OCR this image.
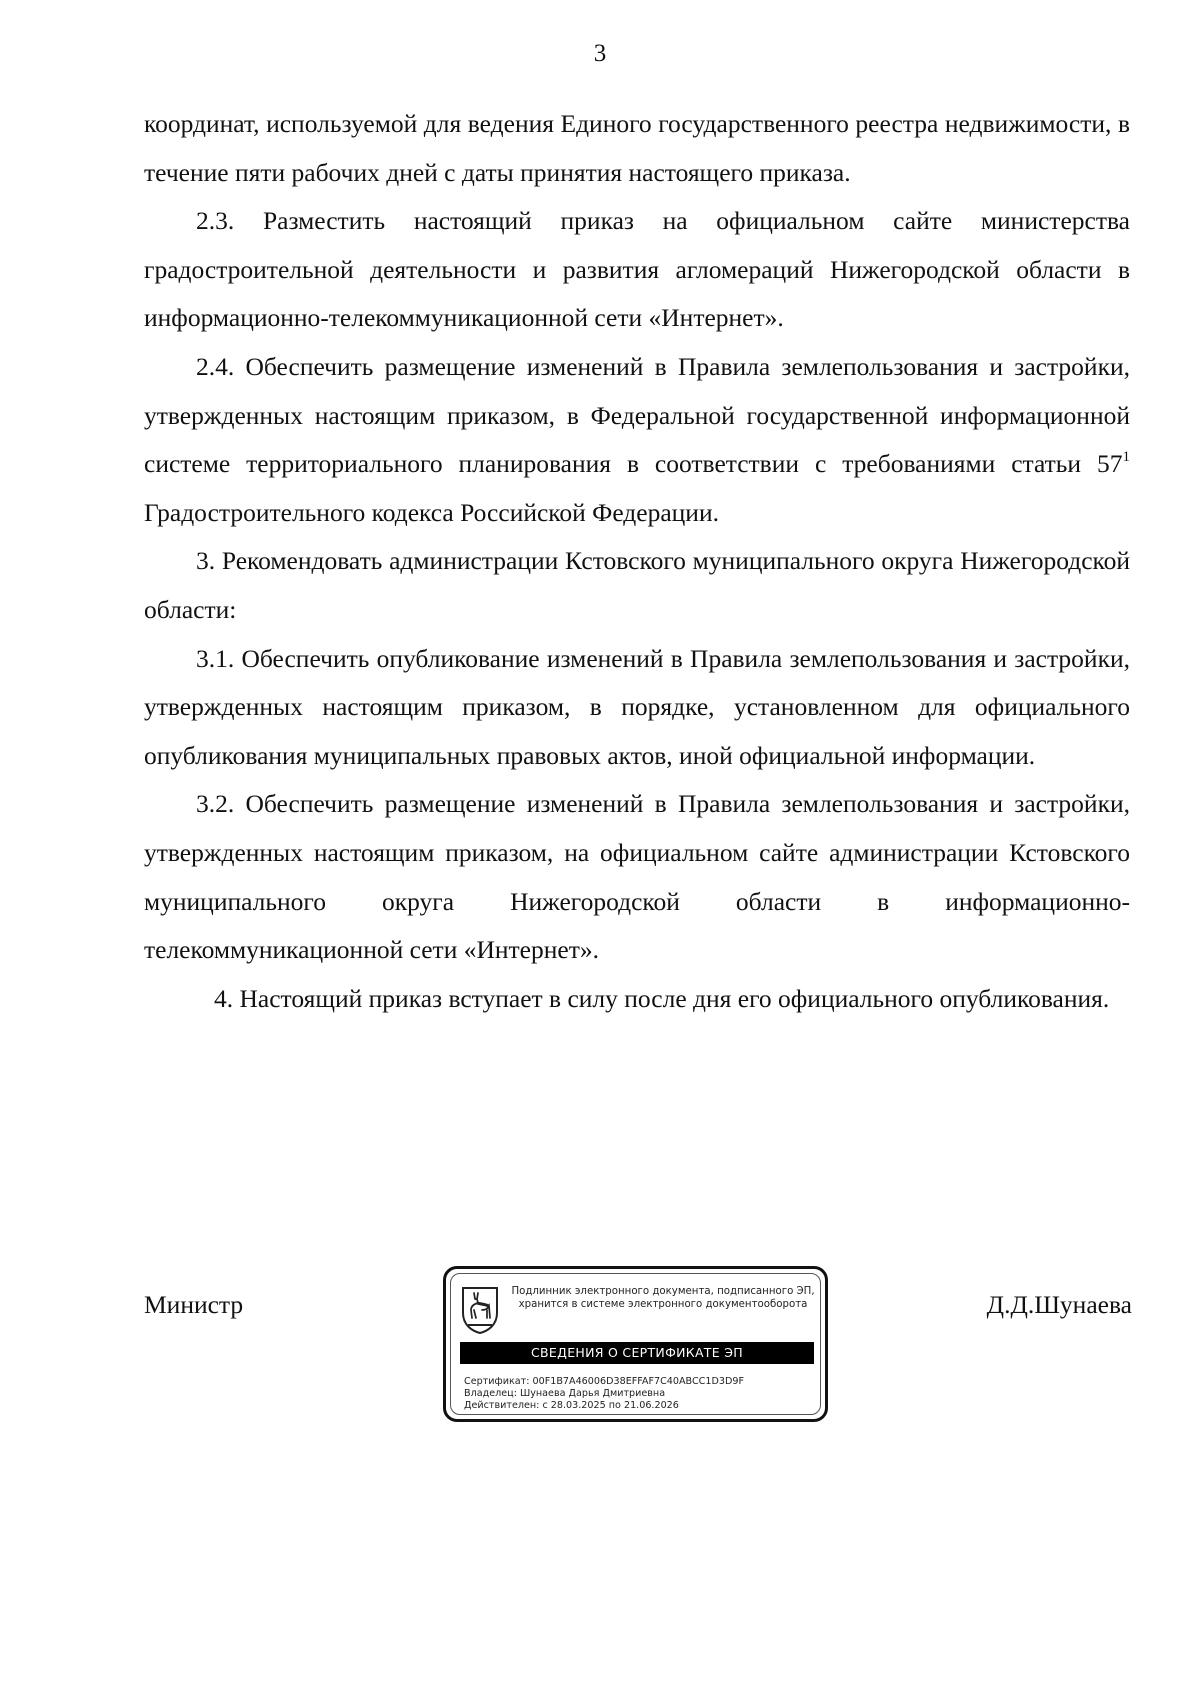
3

координат, используемой для ведения Единого государственного реестра недвижимости, в течение пяти рабочих дней с даты принятия настоящего приказа.

2.3. Разместить настоящий приказ на официальном сайте министерства градостроительной деятельности и развития агломераций Нижегородской области в информационно-телекоммуникационной сети «Интернет».

2.4. Обеспечить размещение изменений в Правила землепользования и застройки, утвержденных настоящим приказом, в Федеральной государственной информационной системе территориального планирования в соответствии с требованиями статьи $57^1$ Градостроительного кодекса Российской Федерации.

3. Рекомендовать администрации Кстовского муниципального округа Нижегородской области:

3.1. Обеспечить опубликование изменений в Правила землепользования и застройки, утвержденных настоящим приказом, в порядке, установленном для официального опубликования муниципальных правовых актов, иной официальной информации.

3.2. Обеспечить размещение изменений в Правила землепользования и застройки, утвержденных настоящим приказом, на официальном сайте администрации Кстовского муниципального округа Нижегородской области в информационно-телекоммуникационной сети «Интернет».

4. Настоящий приказ вступает в силу после дня его официального опубликования.

Министр	Д.Д.Шунаева
Подлинник электронного документа, подписанного ЭП,
хранится в системе электронного документооборота
СВЕДЕНИЯ О СЕРТИФИКАТЕ ЭП
Сертификат: 00F1B7A46006D38EFFAF7C40ABCC1D3D9F
Владелец: Шунаева Дарья Дмитриевна
Действителен: с 28.03.2025 по 21.06.2026
